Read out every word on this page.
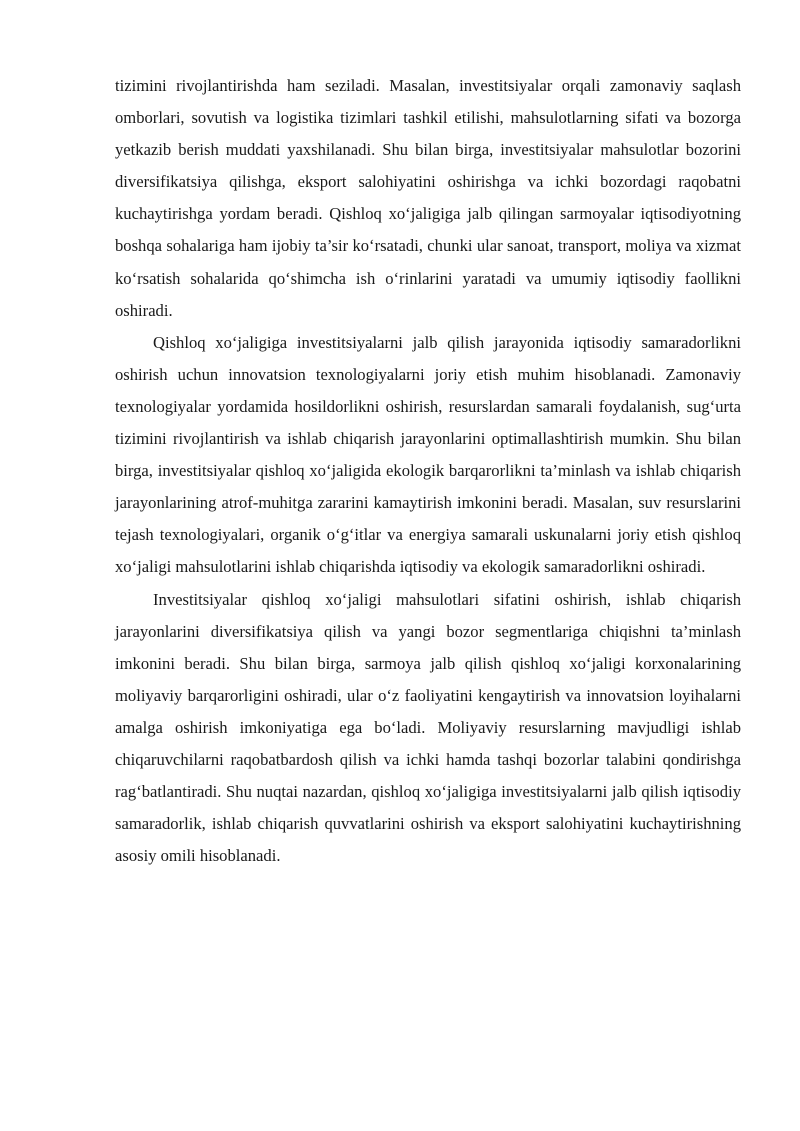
tizimini rivojlantirishda ham seziladi. Masalan, investitsiyalar orqali zamonaviy saqlash omborlari, sovutish va logistika tizimlari tashkil etilishi, mahsulotlarning sifati va bozorga yetkazib berish muddati yaxshilanadi. Shu bilan birga, investitsiyalar mahsulotlar bozorini diversifikatsiya qilishga, eksport salohiyatini oshirishga va ichki bozordagi raqobatni kuchaytirishga yordam beradi. Qishloq xo‘jaligiga jalb qilingan sarmoyalar iqtisodiyotning boshqa sohalariga ham ijobiy ta’sir ko‘rsatadi, chunki ular sanoat, transport, moliya va xizmat ko‘rsatish sohalarida qo‘shimcha ish o‘rinlarini yaratadi va umumiy iqtisodiy faollikni oshiradi.

Qishloq xo‘jaligiga investitsiyalarni jalb qilish jarayonida iqtisodiy samaradorlikni oshirish uchun innovatsion texnologiyalarni joriy etish muhim hisoblanadi. Zamonaviy texnologiyalar yordamida hosildorlikni oshirish, resurslardan samarali foydalanish, sug‘urta tizimini rivojlantirish va ishlab chiqarish jarayonlarini optimallashtirish mumkin. Shu bilan birga, investitsiyalar qishloq xo‘jaligida ekologik barqarorlikni ta’minlash va ishlab chiqarish jarayonlarining atrof-muhitga zararini kamaytirish imkonini beradi. Masalan, suv resurslarini tejash texnologiyalari, organik o‘g‘itlar va energiya samarali uskunalarni joriy etish qishloq xo‘jaligi mahsulotlarini ishlab chiqarishda iqtisodiy va ekologik samaradorlikni oshiradi.

Investitsiyalar qishloq xo‘jaligi mahsulotlari sifatini oshirish, ishlab chiqarish jarayonlarini diversifikatsiya qilish va yangi bozor segmentlariga chiqishni ta’minlash imkonini beradi. Shu bilan birga, sarmoya jalb qilish qishloq xo‘jaligi korxonalarining moliyaviy barqarorligini oshiradi, ular o‘z faoliyatini kengaytirish va innovatsion loyihalarni amalga oshirish imkoniyatiga ega bo‘ladi. Moliyaviy resurslarning mavjudligi ishlab chiqaruvchilarni raqobatbardosh qilish va ichki hamda tashqi bozorlar talabini qondirishga rag‘batlantiradi. Shu nuqtai nazardan, qishloq xo‘jaligiga investitsiyalarni jalb qilish iqtisodiy samaradorlik, ishlab chiqarish quvvatlarini oshirish va eksport salohiyatini kuchaytirishning asosiy omili hisoblanadi.
